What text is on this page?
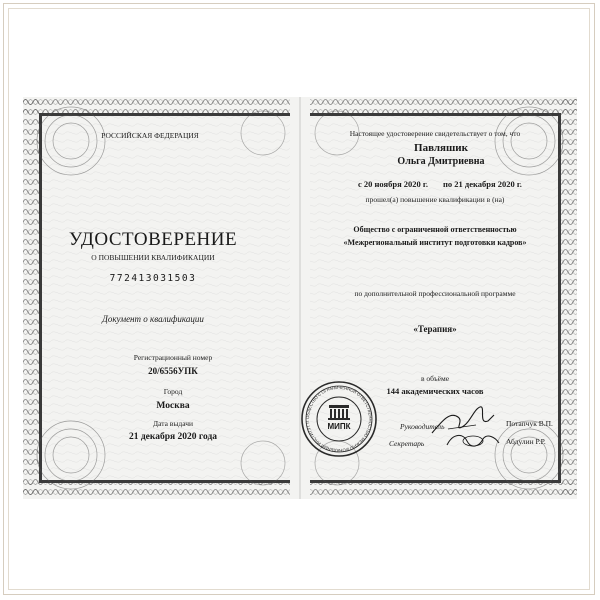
РОССИЙСКАЯ ФЕДЕРАЦИЯ
УДОСТОВЕРЕНИЕ
О ПОВЫШЕНИИ КВАЛИФИКАЦИИ
772413031503
Документ о квалификации
Регистрационный номер
20/6556УПК
Город
Москва
Дата выдачи
21 декабря 2020 года
Настоящее удостоверение свидетельствует о том, что
Павляшик
Ольга Дмитриевна
с 20 ноября 2020 г. по 21 декабря 2020 г.
прошел(а) повышение квалификации в (на)
Общество с ограниченной ответственностью
«Межрегиональный институт подготовки кадров»
по дополнительной профессиональной программе
«Терапия»
в объёме
144 академических часов
Руководитель	Потапчук В.П.
Секретарь	Абдулин Р.Р.
ОБЩЕСТВО С ОГРАНИЧЕННОЙ ОТВЕТСТВЕННОСТЬЮ МЕЖРЕГИОНАЛЬНЫЙ ИНСТИТУТ П	МИПК
